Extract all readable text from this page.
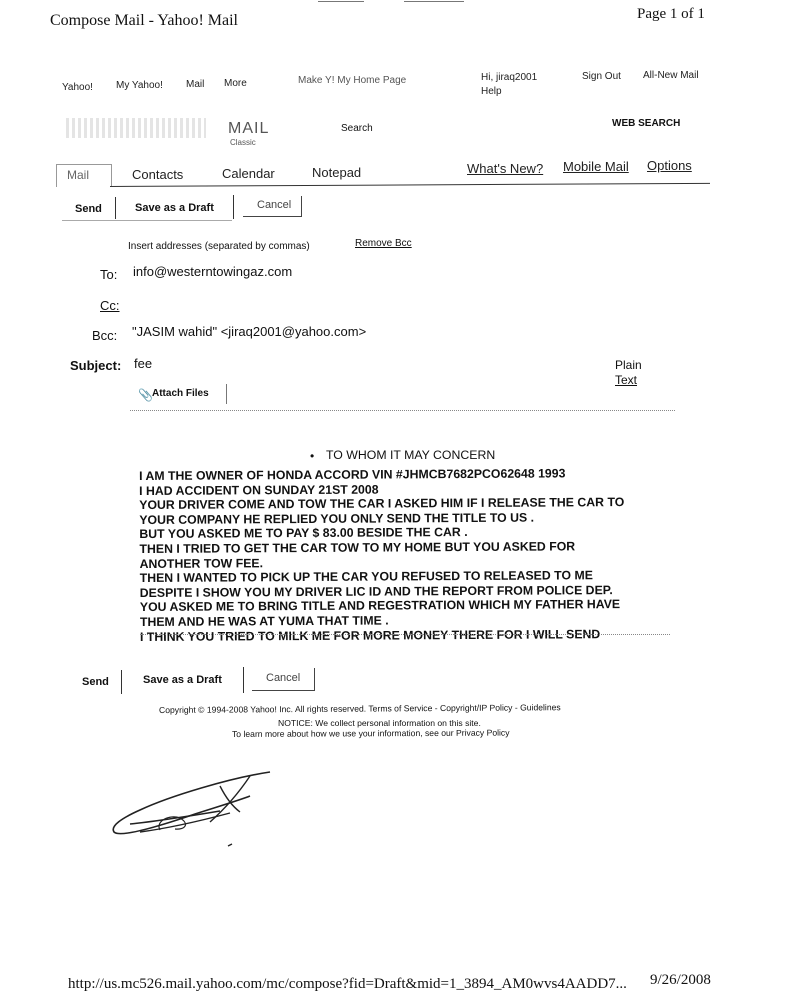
Compose Mail - Yahoo! Mail	Page 1 of 1
Yahoo! My Yahoo! Mail More	Make Y! My Home Page	Hi, jiraq2001
Help
Sign Out All-New Mail
MAIL
Classic
Search	WEB SEARCH
Mail	Contacts	Calendar	Notepad	What's New? Mobile Mail Options
Send	Save as a Draft	Cancel
Insert addresses (separated by commas)	Remove Bcc
To: info@westerntowingaz.com
Cc:
Bcc: "JASIM wahid" <jiraq2001@yahoo.com>
Subject: fee	Plain
Text
📎 Attach Files
• TO WHOM IT MAY CONCERN
I AM THE OWNER OF HONDA ACCORD VIN #JHMCB7682PCO62648 1993
I HAD ACCIDENT ON SUNDAY 21ST 2008
YOUR DRIVER COME AND TOW THE CAR I ASKED HIM IF I RELEASE THE CAR TO
YOUR COMPANY HE REPLIED YOU ONLY SEND THE TITLE TO US .
BUT YOU ASKED ME TO PAY $ 83.00 BESIDE THE CAR .
THEN I TRIED TO GET THE CAR TOW TO MY HOME BUT YOU ASKED FOR
ANOTHER TOW FEE.
THEN I WANTED TO PICK UP THE CAR YOU REFUSED TO RELEASED TO ME
DESPITE I SHOW YOU MY DRIVER LIC ID AND THE REPORT FROM POLICE DEP.
YOU ASKED ME TO BRING TITLE AND REGESTRATION WHICH MY FATHER HAVE
THEM AND HE WAS AT YUMA THAT TIME .
I THINK YOU TRIED TO MILK ME FOR MORE MONEY THERE FOR I WILL SEND
Send	Save as a Draft	Cancel
Copyright © 1994-2008 Yahoo! Inc. All rights reserved. Terms of Service - Copyright/IP Policy - Guidelines
NOTICE: We collect personal information on this site.
To learn more about how we use your information, see our Privacy Policy
http://us.mc526.mail.yahoo.com/mc/compose?fid=Draft&mid=1_3894_AM0wvs4AADD7... 9/26/2008
